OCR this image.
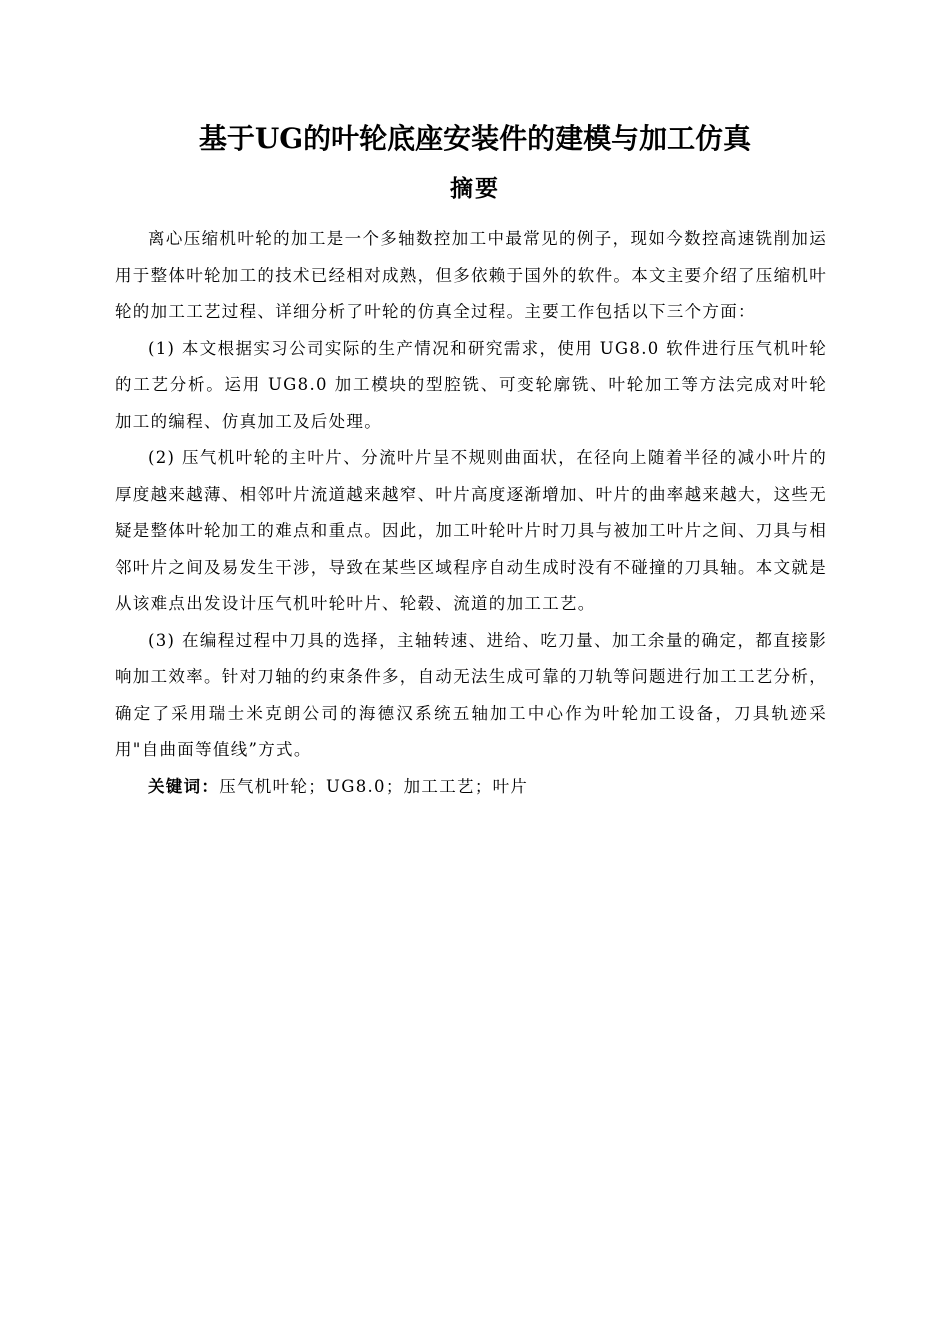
基于UG的叶轮底座安装件的建模与加工仿真
摘要

离心压缩机叶轮的加工是一个多轴数控加工中最常见的例子，现如今数控高速铣削加运用于整体叶轮加工的技术已经相对成熟，但多依赖于国外的软件。本文主要介绍了压缩机叶轮的加工工艺过程、详细分析了叶轮的仿真全过程。主要工作包括以下三个方面：

(1) 本文根据实习公司实际的生产情况和研究需求，使用 UG8.0 软件进行压气机叶轮的工艺分析。运用 UG8.0 加工模块的型腔铣、可变轮廓铣、叶轮加工等方法完成对叶轮加工的编程、仿真加工及后处理。

(2) 压气机叶轮的主叶片、分流叶片呈不规则曲面状，在径向上随着半径的减小叶片的厚度越来越薄、相邻叶片流道越来越窄、叶片高度逐渐增加、叶片的曲率越来越大，这些无疑是整体叶轮加工的难点和重点。因此，加工叶轮叶片时刀具与被加工叶片之间、刀具与相邻叶片之间及易发生干涉，导致在某些区域程序自动生成时没有不碰撞的刀具轴。本文就是从该难点出发设计压气机叶轮叶片、轮毂、流道的加工工艺。

(3) 在编程过程中刀具的选择，主轴转速、进给、吃刀量、加工余量的确定，都直接影响加工效率。针对刀轴的约束条件多，自动无法生成可靠的刀轨等问题进行加工工艺分析，确定了采用瑞士米克朗公司的海德汉系统五轴加工中心作为叶轮加工设备，刀具轨迹采用"自曲面等值线”方式。

关键词：压气机叶轮；UG8.0；加工工艺；叶片
